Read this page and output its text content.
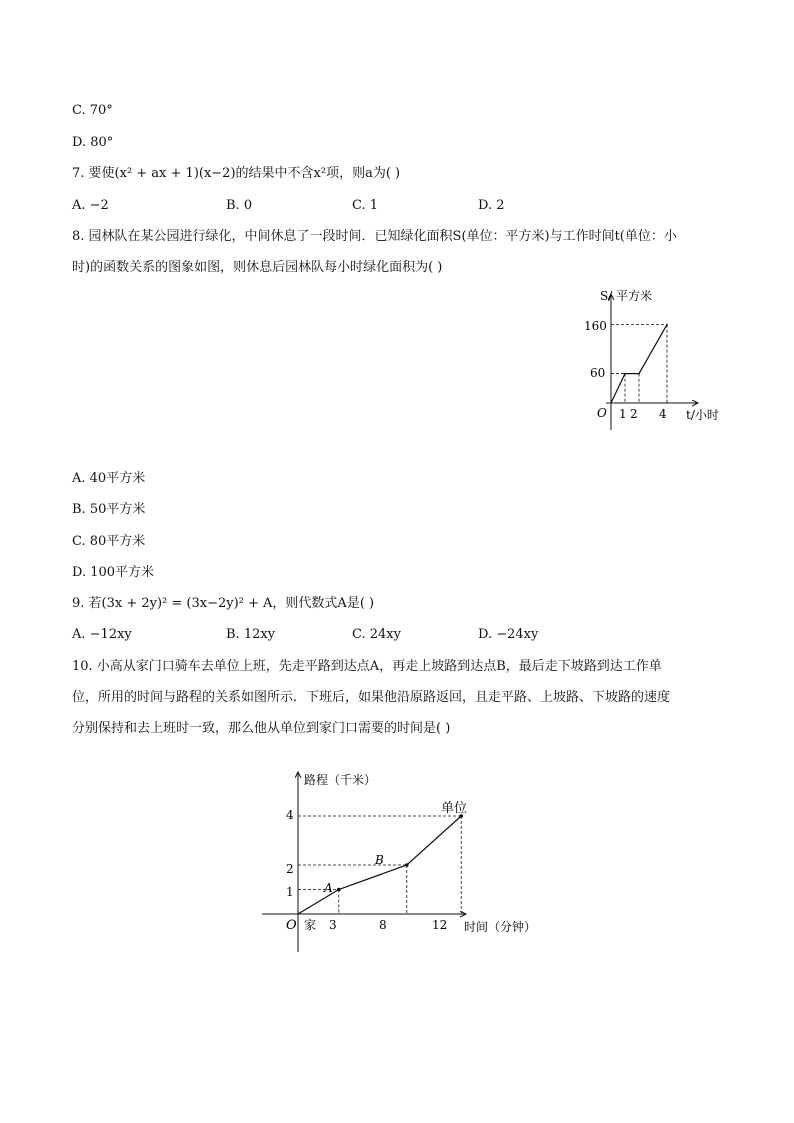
C. 70°
D. 80°
7. 要使(x² + ax + 1)(x−2)的结果中不含x²项，则a为( )
A. −2	B. 0	C. 1	D. 2
8. 园林队在某公园进行绿化，中间休息了一段时间．已知绿化面积S(单位：平方米)与工作时间t(单位：小
时)的函数关系的图象如图，则休息后园林队每小时绿化面积为( )
S/ 平方米
t/小时
O
160
60
1 2 4
A. 40平方米
B. 50平方米
C. 80平方米
D. 100平方米
9. 若(3x + 2y)² = (3x−2y)² + A，则代数式A是( )
A. −12xy	B. 12xy	C. 24xy	D. −24xy
10. 小高从家门口骑车去单位上班，先走平路到达点A，再走上坡路到达点B，最后走下坡路到达工作单
位，所用的时间与路程的关系如图所示．下班后，如果他沿原路返回，且走平路、上坡路、下坡路的速度
分别保持和去上班时一致，那么他从单位到家门口需要的时间是( )
路程（千米）
时间（分钟）
O 家
单位
A
B
4
2
1
3	8	12
